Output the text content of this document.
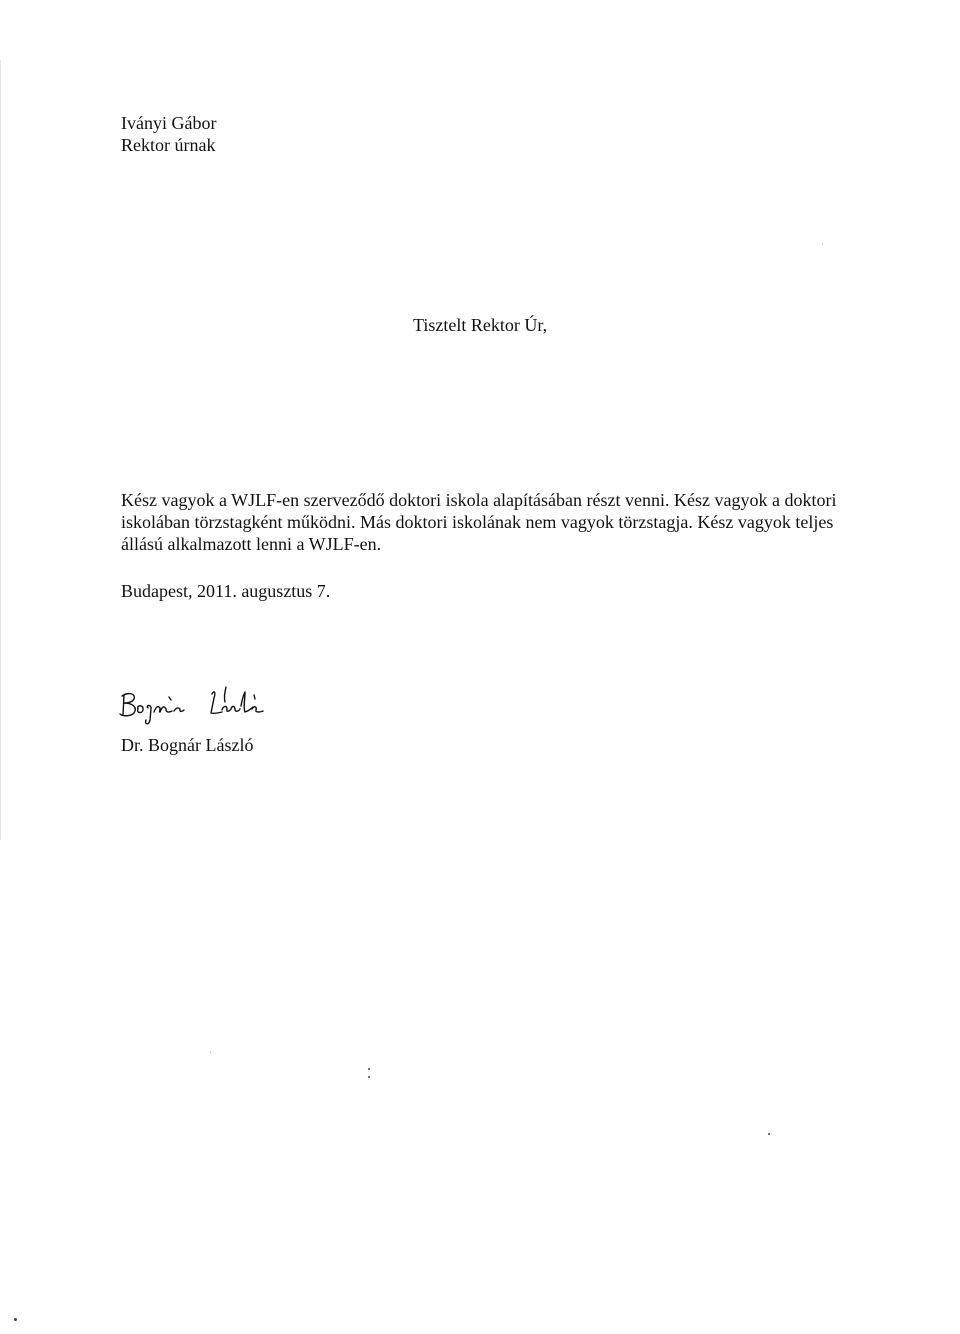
Iványi Gábor
Rektor úrnak
Tisztelt Rektor Úr,

Kész vagyok a WJLF-en szerveződő doktori iskola alapításában részt venni. Kész vagyok a doktori iskolában törzstagként működni. Más doktori iskolának nem vagyok törzstagja. Kész vagyok teljes állású alkalmazott lenni a WJLF-en.

Budapest, 2011. augusztus 7.
Dr. Bognár László
